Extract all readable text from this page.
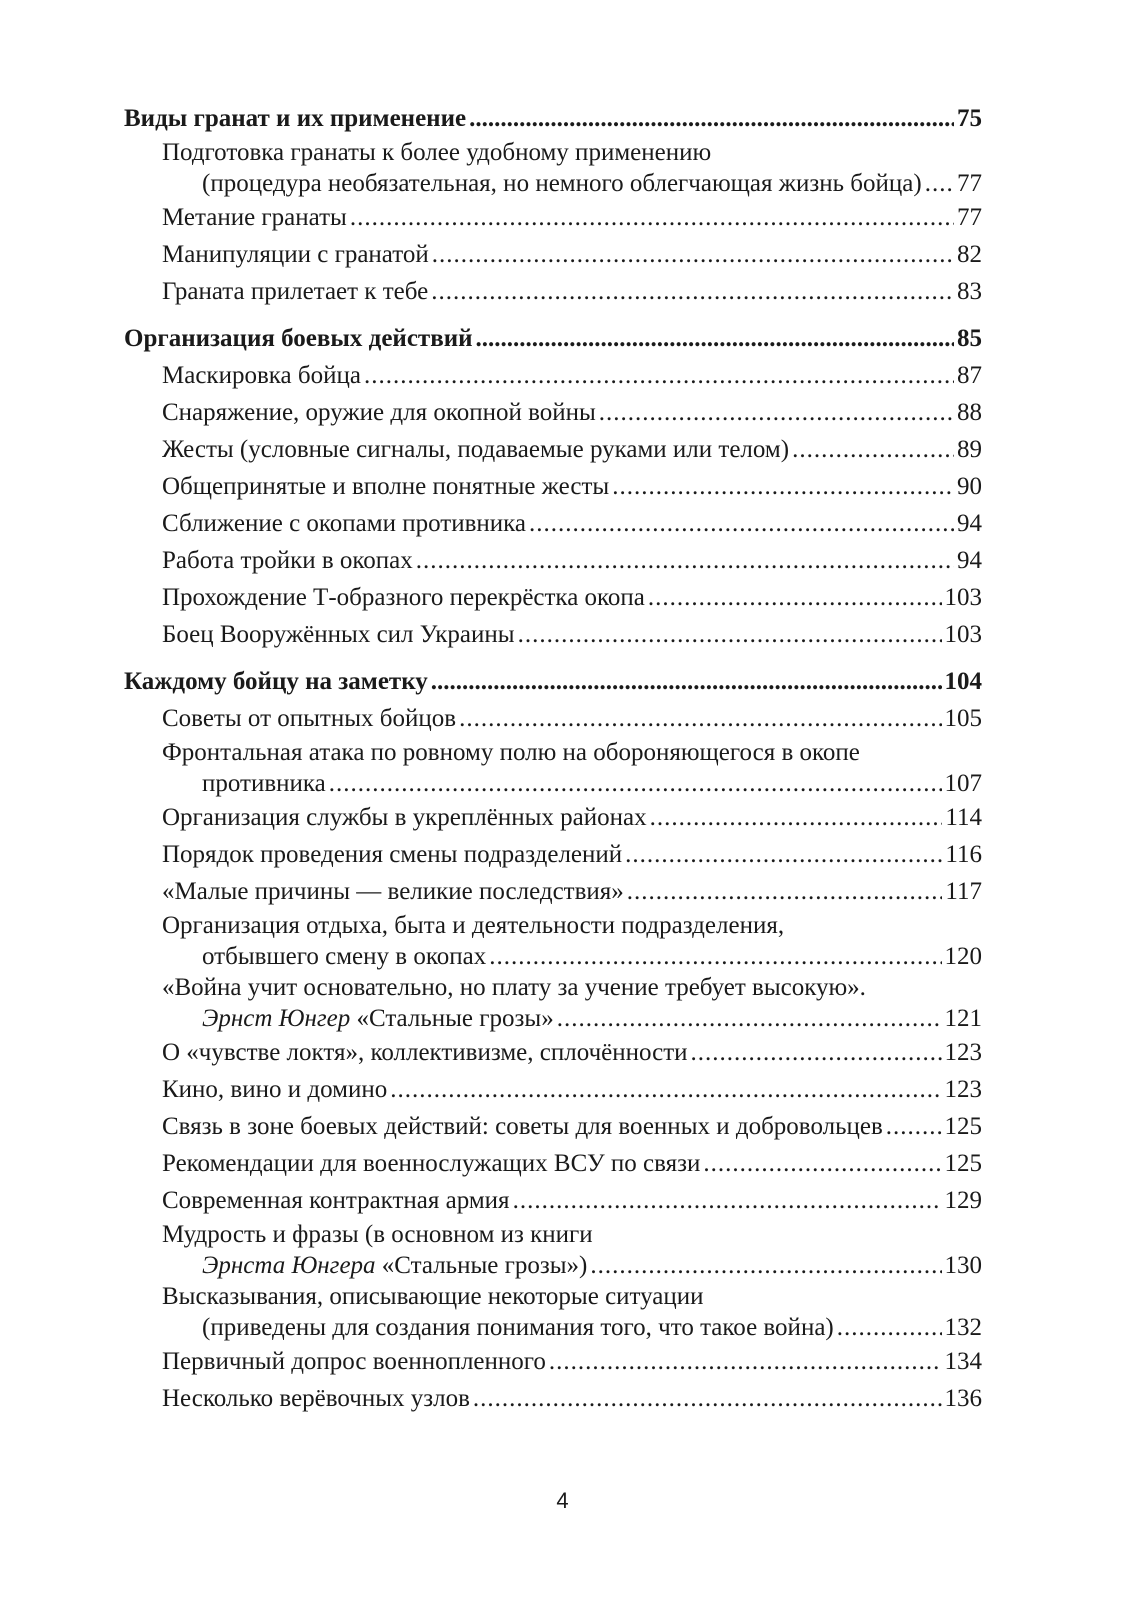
Виды гранат и их применение .....	75
Подготовка гранаты к более удобному применению
(процедура необязательная, но немного облегчающая жизнь бойца) ..... 77
Метание гранаты .....	77
Манипуляции с гранатой .....	82
Граната прилетает к тебе .....	83
Организация боевых действий .....	85
Маскировка бойца .....	87
Снаряжение, оружие для окопной войны .....	88
Жесты (условные сигналы, подаваемые руками или телом) .....	89
Общепринятые и вполне понятные жесты .....	90
Сближение с окопами противника .....	94
Работа тройки в окопах .....	94
Прохождение Т-образного перекрёстка окопа .....	103
Боец Вооружённых сил Украины .....	103
Каждому бойцу на заметку .....	104
Советы от опытных бойцов .....	105
Фронтальная атака по ровному полю на обороняющегося в окопе
противника .....	107
Организация службы в укреплённых районах .....	114
Порядок проведения смены подразделений .....	116
«Малые причины — великие последствия» .....	117
Организация отдыха, быта и деятельности подразделения,
отбывшего смену в окопах .....	120
«Война учит основательно, но плату за учение требует высокую».
Эрнст Юнгер «Стальные грозы» .....	121
О «чувстве локтя», коллективизме, сплочённости .....	123
Кино, вино и домино .....	123
Связь в зоне боевых действий: советы для военных и добровольцев ..... 125
Рекомендации для военнослужащих ВСУ по связи .....	125
Современная контрактная армия .....	129
Мудрость и фразы (в основном из книги
Эрнста Юнгера «Стальные грозы») .....	130
Высказывания, описывающие некоторые ситуации
(приведены для создания понимания того, что такое война) .....	132
Первичный допрос военнопленного .....	134
Несколько верёвочных узлов .....	136
4
